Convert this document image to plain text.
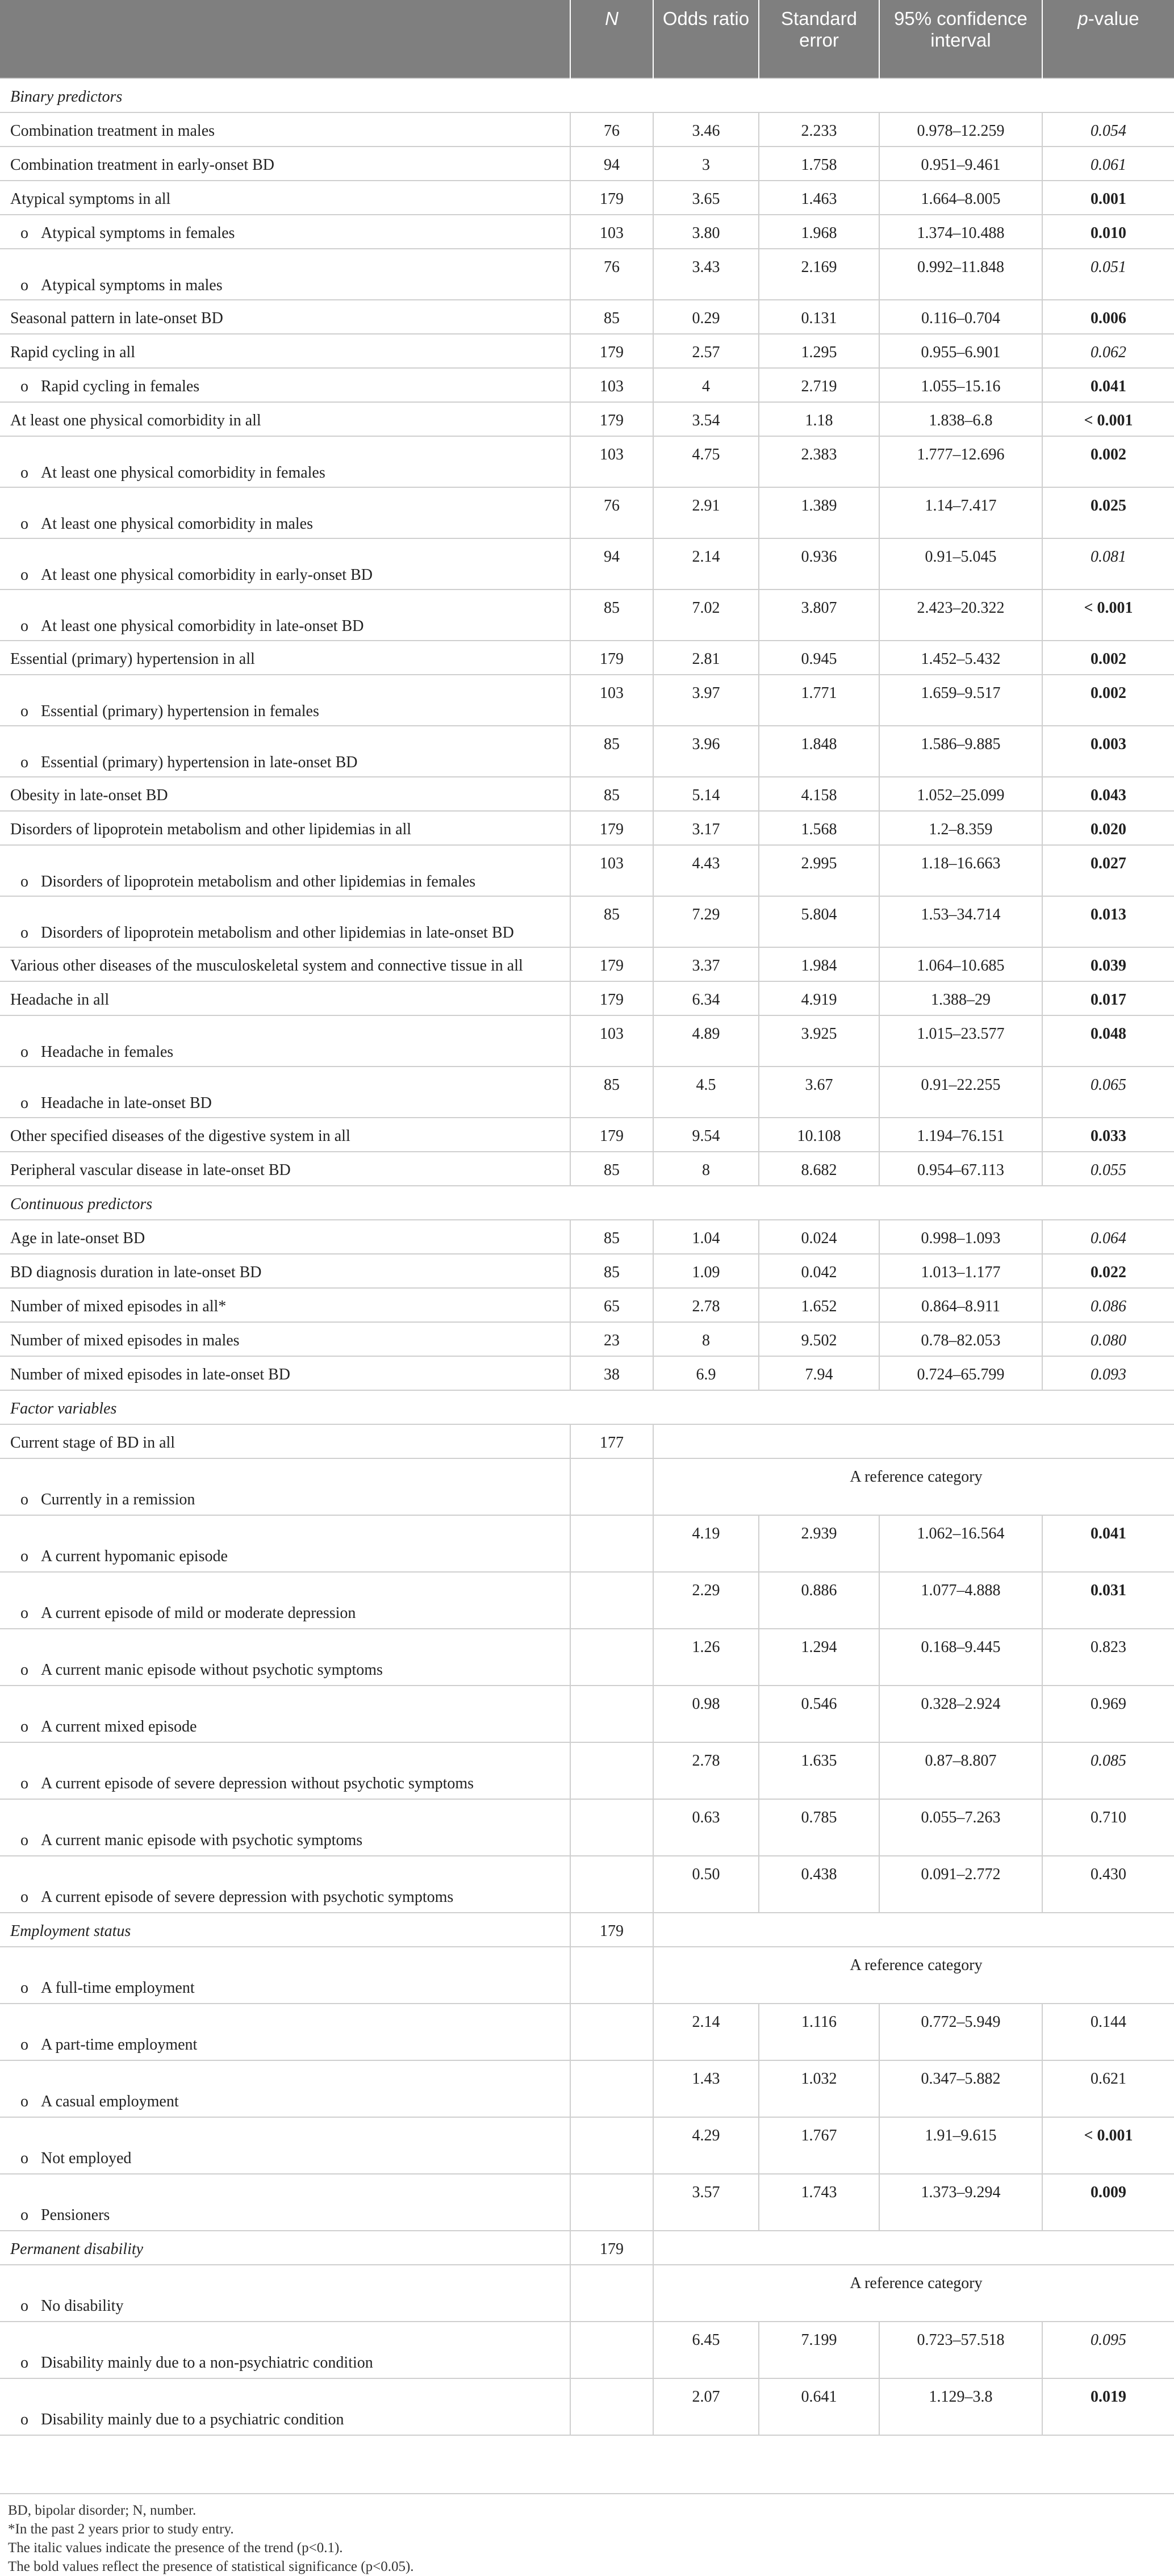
	N	Odds ratio	Standard error	95% confidence interval	p-value
Binary predictors					
Combination treatment in males	76	3.46	2.233	0.978–12.259	0.054
Combination treatment in early-onset BD	94	3	1.758	0.951–9.461	0.061
Atypical symptoms in all	179	3.65	1.463	1.664–8.005	0.001
o Atypical symptoms in females	103	3.80	1.968	1.374–10.488	0.010
o Atypical symptoms in males	76	3.43	2.169	0.992–11.848	0.051
Seasonal pattern in late-onset BD	85	0.29	0.131	0.116–0.704	0.006
Rapid cycling in all	179	2.57	1.295	0.955–6.901	0.062
o Rapid cycling in females	103	4	2.719	1.055–15.16	0.041
At least one physical comorbidity in all	179	3.54	1.18	1.838–6.8	< 0.001
o At least one physical comorbidity in females	103	4.75	2.383	1.777–12.696	0.002
o At least one physical comorbidity in males	76	2.91	1.389	1.14–7.417	0.025
o At least one physical comorbidity in early-onset BD	94	2.14	0.936	0.91–5.045	0.081
o At least one physical comorbidity in late-onset BD	85	7.02	3.807	2.423–20.322	< 0.001
Essential (primary) hypertension in all	179	2.81	0.945	1.452–5.432	0.002
o Essential (primary) hypertension in females	103	3.97	1.771	1.659–9.517	0.002
o Essential (primary) hypertension in late-onset BD	85	3.96	1.848	1.586–9.885	0.003
Obesity in late-onset BD	85	5.14	4.158	1.052–25.099	0.043
Disorders of lipoprotein metabolism and other lipidemias in all	179	3.17	1.568	1.2–8.359	0.020
o Disorders of lipoprotein metabolism and other lipidemias in females	103	4.43	2.995	1.18–16.663	0.027
o Disorders of lipoprotein metabolism and other lipidemias in late-onset BD	85	7.29	5.804	1.53–34.714	0.013
Various other diseases of the musculoskeletal system and connective tissue in all	179	3.37	1.984	1.064–10.685	0.039
Headache in all	179	6.34	4.919	1.388–29	0.017
o Headache in females	103	4.89	3.925	1.015–23.577	0.048
o Headache in late-onset BD	85	4.5	3.67	0.91–22.255	0.065
Other specified diseases of the digestive system in all	179	9.54	10.108	1.194–76.151	0.033
Peripheral vascular disease in late-onset BD	85	8	8.682	0.954–67.113	0.055
Continuous predictors					
Age in late-onset BD	85	1.04	0.024	0.998–1.093	0.064
BD diagnosis duration in late-onset BD	85	1.09	0.042	1.013–1.177	0.022
Number of mixed episodes in all*	65	2.78	1.652	0.864–8.911	0.086
Number of mixed episodes in males	23	8	9.502	0.78–82.053	0.080
Number of mixed episodes in late-onset BD	38	6.9	7.94	0.724–65.799	0.093
Factor variables					
Current stage of BD in all	177				
o Currently in a remission		A reference category			
o A current hypomanic episode		4.19	2.939	1.062–16.564	0.041
o A current episode of mild or moderate depression		2.29	0.886	1.077–4.888	0.031
o A current manic episode without psychotic symptoms		1.26	1.294	0.168–9.445	0.823
o A current mixed episode		0.98	0.546	0.328–2.924	0.969
o A current episode of severe depression without psychotic symptoms		2.78	1.635	0.87–8.807	0.085
o A current manic episode with psychotic symptoms		0.63	0.785	0.055–7.263	0.710
o A current episode of severe depression with psychotic symptoms		0.50	0.438	0.091–2.772	0.430
Employment status	179				
o A full-time employment		A reference category			
o A part-time employment		2.14	1.116	0.772–5.949	0.144
o A casual employment		1.43	1.032	0.347–5.882	0.621
o Not employed		4.29	1.767	1.91–9.615	< 0.001
o Pensioners		3.57	1.743	1.373–9.294	0.009
Permanent disability	179				
o No disability		A reference category			
o Disability mainly due to a non-psychiatric condition		6.45	7.199	0.723–57.518	0.095
o Disability mainly due to a psychiatric condition		2.07	0.641	1.129–3.8	0.019
BD, bipolar disorder; N, number.
*In the past 2 years prior to study entry.
The italic values indicate the presence of the trend (p<0.1).
The bold values reflect the presence of statistical significance (p<0.05).
